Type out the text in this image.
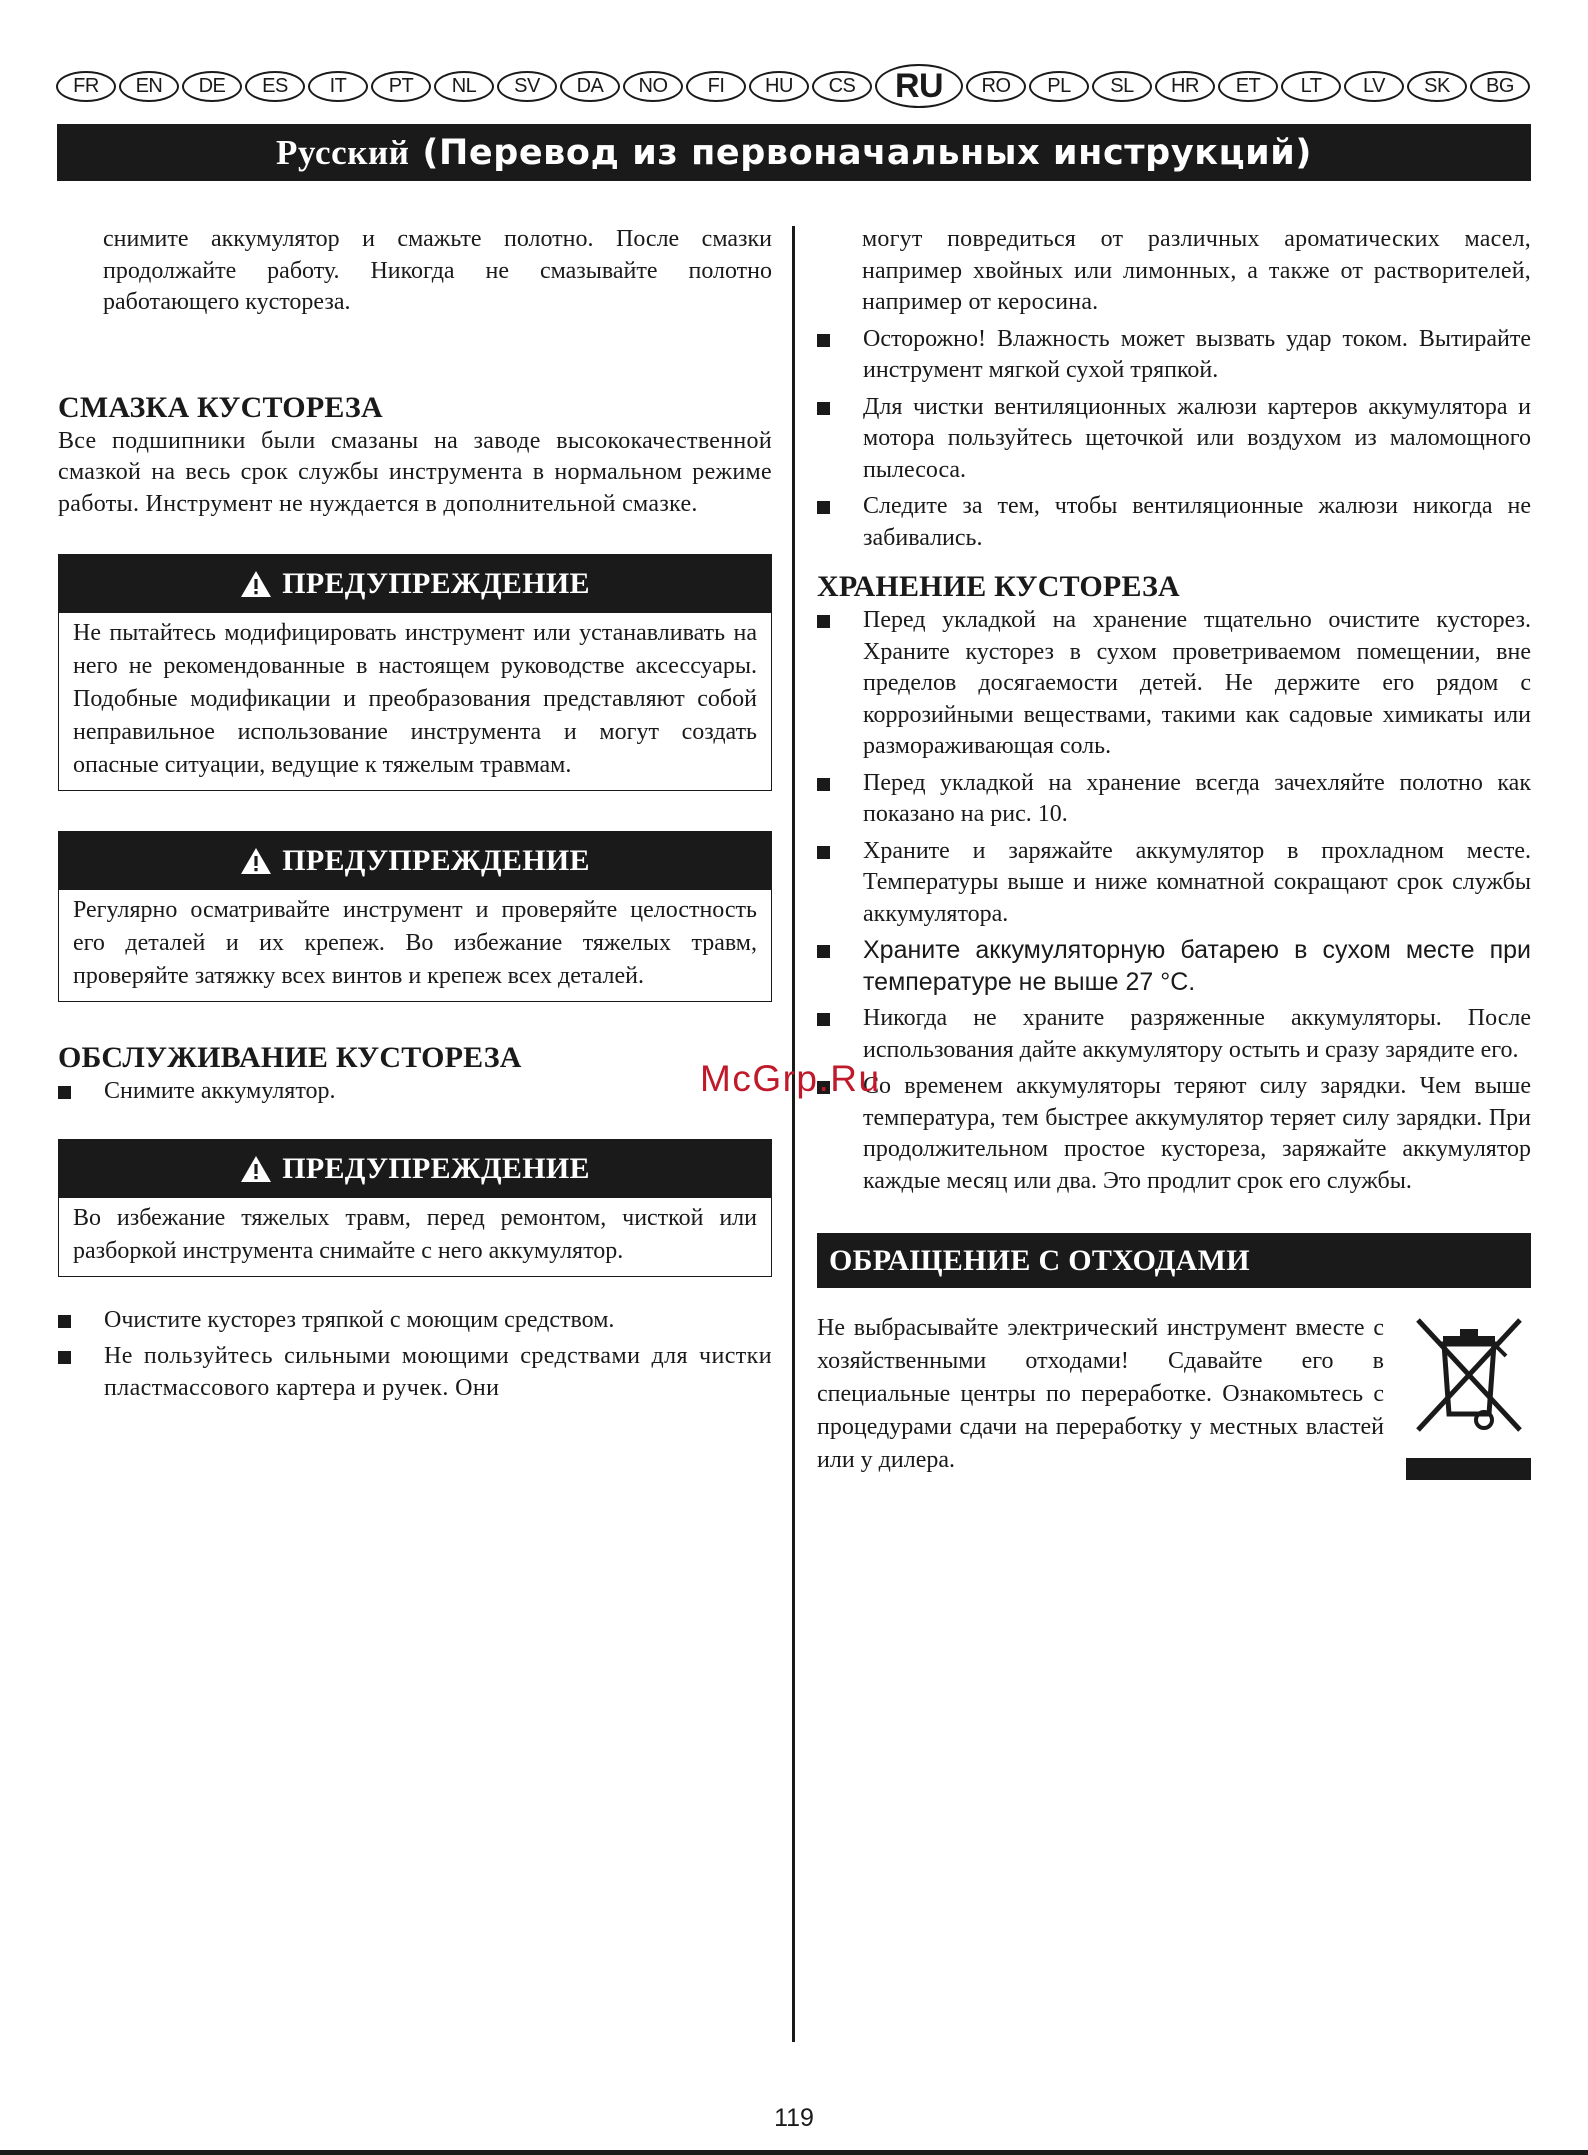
FR	EN	DE	ES	IT	PT	NL	SV	DA	NO	FI	HU	CS	RU	RO	PL	SL	HR	ET	LT	LV	SK	BG
Русский (Перевод из первоначальных инструкций)

снимите аккумулятор и смажьте полотно. После смазки продолжайте работу. Никогда не смазывайте полотно работающего кустореза.

СМАЗКА КУСТОРЕЗА

Все подшипники были смазаны на заводе высококачественной смазкой на весь срок службы инструмента в нормальном режиме работы. Инструмент не нуждается в дополнительной смазке.

ПРЕДУПРЕЖДЕНИЕ
Не пытайтесь модифицировать инструмент или устанавливать на него не рекомендованные в настоящем руководстве аксессуары. Подобные модификации и преобразования представляют собой неправильное использование инструмента и могут создать опасные ситуации, ведущие к тяжелым травмам.
ПРЕДУПРЕЖДЕНИЕ
Регулярно осматривайте инструмент и проверяйте целостность его деталей и их крепеж. Во избежание тяжелых травм, проверяйте затяжку всех винтов и крепеж всех деталей.
ОБСЛУЖИВАНИЕ КУСТОРЕЗА
Снимите аккумулятор.
ПРЕДУПРЕЖДЕНИЕ
Во избежание тяжелых травм, перед ремонтом, чисткой или разборкой инструмента снимайте с него аккумулятор.
Очистите кусторез тряпкой с моющим средством.
Не пользуйтесь сильными моющими средствами для чистки пластмассового картера и ручек. Они

могут повредиться от различных ароматических масел, например хвойных или лимонных, а также от растворителей, например от керосина.

Осторожно! Влажность может вызвать удар током. Вытирайте инструмент мягкой сухой тряпкой.
Для чистки вентиляционных жалюзи картеров аккумулятора и мотора пользуйтесь щеточкой или воздухом из маломощного пылесоса.
Следите за тем, чтобы вентиляционные жалюзи никогда не забивались.
ХРАНЕНИЕ КУСТОРЕЗА
Перед укладкой на хранение тщательно очистите кусторез. Храните кусторез в сухом проветриваемом помещении, вне пределов досягаемости детей. Не держите его рядом с коррозийными веществами, такими как садовые химикаты или размораживающая соль.
Перед укладкой на хранение всегда зачехляйте полотно как показано на рис. 10.
Храните и заряжайте аккумулятор в прохладном месте. Температуры выше и ниже комнатной сокращают срок службы аккумулятора.
Храните аккумуляторную батарею в сухом месте при температуре не выше 27 °С.
Никогда не храните разряженные аккумуляторы. После использования дайте аккумулятору остыть и сразу зарядите его.
Со временем аккумуляторы теряют силу зарядки. Чем выше температура, тем быстрее аккумулятор теряет силу зарядки. При продолжительном простое кустореза, заряжайте аккумулятор каждые месяц или два. Это продлит срок его службы.
ОБРАЩЕНИЕ С ОТХОДАМИ

Не выбрасывайте электрический инструмент вместе с хозяйственными отходами! Сдавайте его в специальные центры по переработке. Ознакомьтесь с процедурами сдачи на переработку у местных властей или у дилера.

McGrp.Ru
119
